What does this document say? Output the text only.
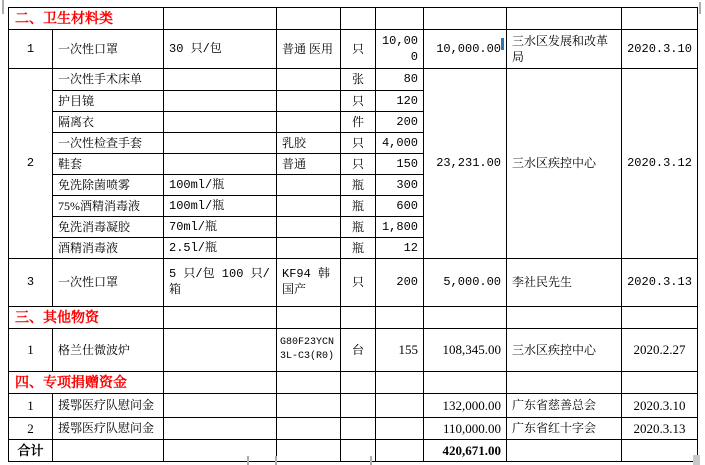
二、卫生材料类								
1	一次性口罩	30 只/包	普通 医用	只	10,000	10,000.00	三水区发展和改革局	2020.3.10
2	一次性手术床单			张	80	23,231.00	三水区疾控中心	2020.3.12
	护目镜			只	120			
	隔离衣			件	200			
	一次性检查手套		乳胶	只	4,000			
	鞋套		普通	只	150			
	免洗除菌喷雾	100ml/瓶		瓶	300			
	75%酒精消毒液	100ml/瓶		瓶	600			
	免洗消毒凝胶	70ml/瓶		瓶	1,800			
	酒精消毒液	2.5l/瓶		瓶	12			
3	一次性口罩	5 只/包 100 只/箱	KF94 韩国产	只	200	5,000.00	李社民先生	2020.3.13
三、其他物资								
1	格兰仕微波炉		G80F23YCN 3L-C3(R0)	台	155	108,345.00	三水区疾控中心	2020.2.27
四、专项捐赠资金								
1	援鄂医疗队慰问金					132,000.00	广东省慈善总会	2020.3.10
2	援鄂医疗队慰问金					110,000.00	广东省红十字会	2020.3.13
合计						420,671.00		
